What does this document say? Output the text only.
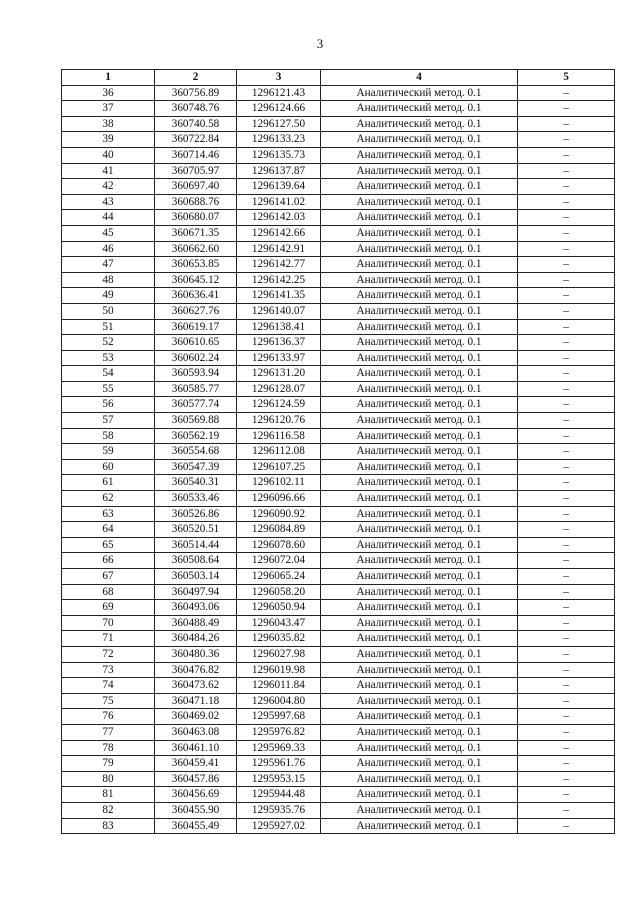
3
1	2	3	4	5
36	360756.89	1296121.43	Аналитический метод. 0.1	–
37	360748.76	1296124.66	Аналитический метод. 0.1	–
38	360740.58	1296127.50	Аналитический метод. 0.1	–
39	360722.84	1296133.23	Аналитический метод. 0.1	–
40	360714.46	1296135.73	Аналитический метод. 0.1	–
41	360705.97	1296137.87	Аналитический метод. 0.1	–
42	360697.40	1296139.64	Аналитический метод. 0.1	–
43	360688.76	1296141.02	Аналитический метод. 0.1	–
44	360680.07	1296142.03	Аналитический метод. 0.1	–
45	360671.35	1296142.66	Аналитический метод. 0.1	–
46	360662.60	1296142.91	Аналитический метод. 0.1	–
47	360653.85	1296142.77	Аналитический метод. 0.1	–
48	360645.12	1296142.25	Аналитический метод. 0.1	–
49	360636.41	1296141.35	Аналитический метод. 0.1	–
50	360627.76	1296140.07	Аналитический метод. 0.1	–
51	360619.17	1296138.41	Аналитический метод. 0.1	–
52	360610.65	1296136.37	Аналитический метод. 0.1	–
53	360602.24	1296133.97	Аналитический метод. 0.1	–
54	360593.94	1296131.20	Аналитический метод. 0.1	–
55	360585.77	1296128.07	Аналитический метод. 0.1	–
56	360577.74	1296124.59	Аналитический метод. 0.1	–
57	360569.88	1296120.76	Аналитический метод. 0.1	–
58	360562.19	1296116.58	Аналитический метод. 0.1	–
59	360554.68	1296112.08	Аналитический метод. 0.1	–
60	360547.39	1296107.25	Аналитический метод. 0.1	–
61	360540.31	1296102.11	Аналитический метод. 0.1	–
62	360533.46	1296096.66	Аналитический метод. 0.1	–
63	360526.86	1296090.92	Аналитический метод. 0.1	–
64	360520.51	1296084.89	Аналитический метод. 0.1	–
65	360514.44	1296078.60	Аналитический метод. 0.1	–
66	360508.64	1296072.04	Аналитический метод. 0.1	–
67	360503.14	1296065.24	Аналитический метод. 0.1	–
68	360497.94	1296058.20	Аналитический метод. 0.1	–
69	360493.06	1296050.94	Аналитический метод. 0.1	–
70	360488.49	1296043.47	Аналитический метод. 0.1	–
71	360484.26	1296035.82	Аналитический метод. 0.1	–
72	360480.36	1296027.98	Аналитический метод. 0.1	–
73	360476.82	1296019.98	Аналитический метод. 0.1	–
74	360473.62	1296011.84	Аналитический метод. 0.1	–
75	360471.18	1296004.80	Аналитический метод. 0.1	–
76	360469.02	1295997.68	Аналитический метод. 0.1	–
77	360463.08	1295976.82	Аналитический метод. 0.1	–
78	360461.10	1295969.33	Аналитический метод. 0.1	–
79	360459.41	1295961.76	Аналитический метод. 0.1	–
80	360457.86	1295953.15	Аналитический метод. 0.1	–
81	360456.69	1295944.48	Аналитический метод. 0.1	–
82	360455.90	1295935.76	Аналитический метод. 0.1	–
83	360455.49	1295927.02	Аналитический метод. 0.1	–
